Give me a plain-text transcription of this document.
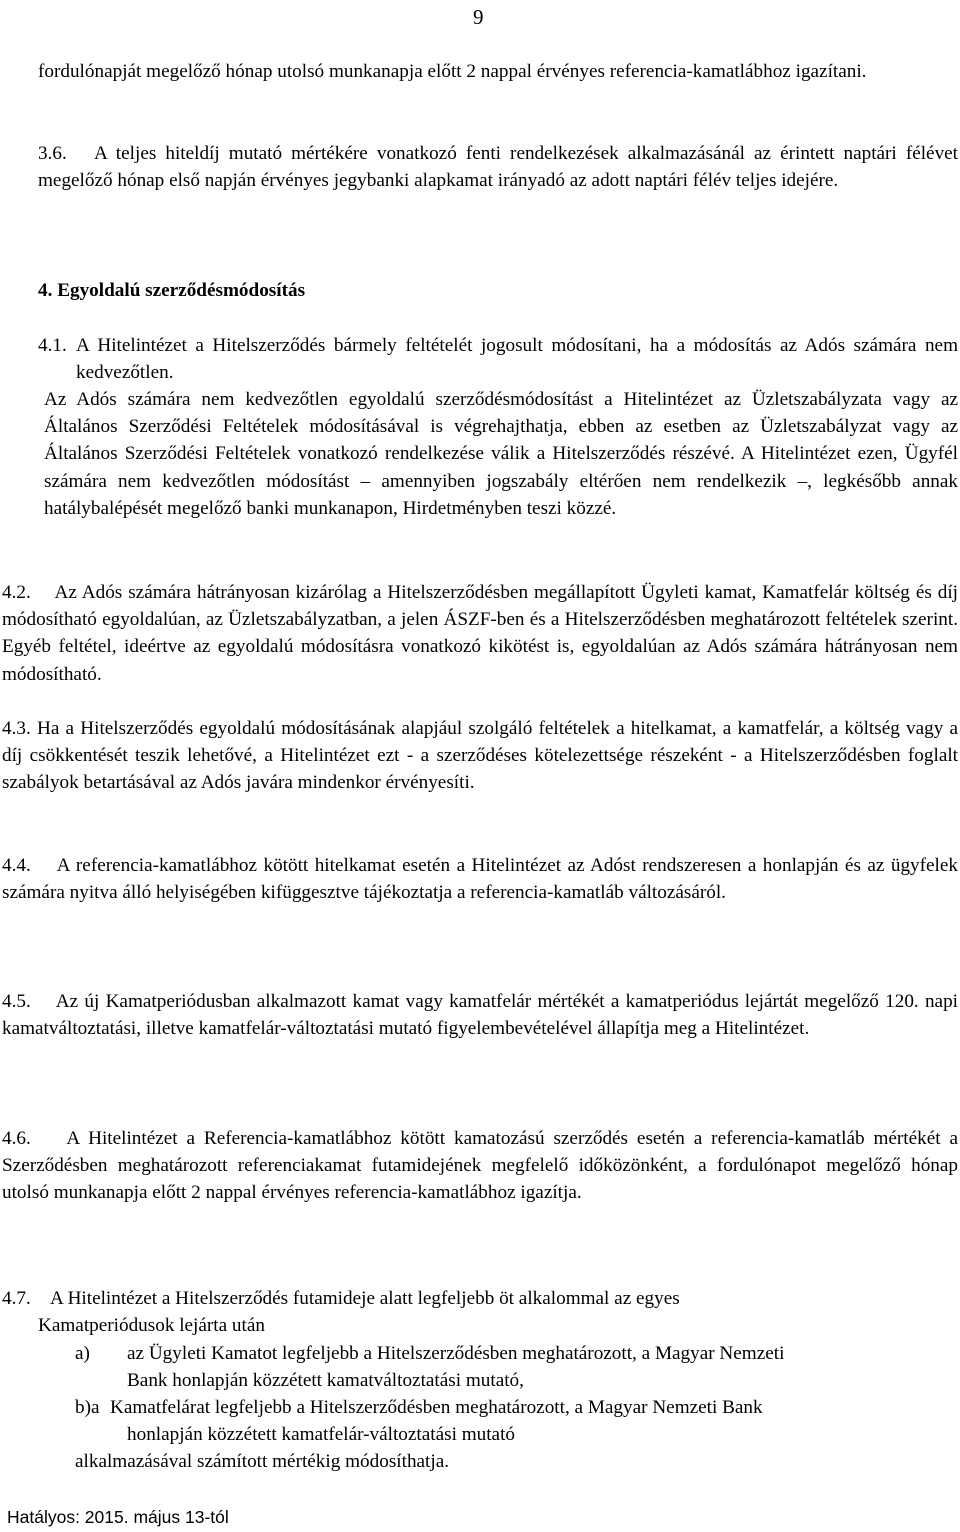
9
fordulónapját megelőző hónap utolsó munkanapja előtt 2 nappal érvényes referencia-kamatlábhoz igazítani.
3.6. A teljes hiteldíj mutató mértékére vonatkozó fenti rendelkezések alkalmazásánál az érintett naptári félévet megelőző hónap első napján érvényes jegybanki alapkamat irányadó az adott naptári félév teljes idejére.
4. Egyoldalú szerződésmódosítás
4.1. A Hitelintézet a Hitelszerződés bármely feltételét jogosult módosítani, ha a módosítás az Adós számára nem kedvezőtlen.
Az Adós számára nem kedvezőtlen egyoldalú szerződésmódosítást a Hitelintézet az Üzletszabályzata vagy az Általános Szerződési Feltételek módosításával is végrehajthatja, ebben az esetben az Üzletszabályzat vagy az Általános Szerződési Feltételek vonatkozó rendelkezése válik a Hitelszerződés részévé. A Hitelintézet ezen, Ügyfél számára nem kedvezőtlen módosítást – amennyiben jogszabály eltérően nem rendelkezik –, legkésőbb annak hatálybalépését megelőző banki munkanapon, Hirdetményben teszi közzé.
4.2. Az Adós számára hátrányosan kizárólag a Hitelszerződésben megállapított Ügyleti kamat, Kamatfelár költség és díj módosítható egyoldalúan, az Üzletszabályzatban, a jelen ÁSZF-ben és a Hitelszerződésben meghatározott feltételek szerint. Egyéb feltétel, ideértve az egyoldalú módosításra vonatkozó kikötést is, egyoldalúan az Adós számára hátrányosan nem módosítható.
4.3. Ha a Hitelszerződés egyoldalú módosításának alapjául szolgáló feltételek a hitelkamat, a kamatfelár, a költség vagy a díj csökkentését teszik lehetővé, a Hitelintézet ezt - a szerződéses kötelezettsége részeként - a Hitelszerződésben foglalt szabályok betartásával az Adós javára mindenkor érvényesíti.
4.4. A referencia-kamatlábhoz kötött hitelkamat esetén a Hitelintézet az Adóst rendszeresen a honlapján és az ügyfelek számára nyitva álló helyiségében kifüggesztve tájékoztatja a referencia-kamatláb változásáról.
4.5. Az új Kamatperiódusban alkalmazott kamat vagy kamatfelár mértékét a kamatperiódus lejártát megelőző 120. napi kamatváltoztatási, illetve kamatfelár-változtatási mutató figyelembevételével állapítja meg a Hitelintézet.
4.6. A Hitelintézet a Referencia-kamatlábhoz kötött kamatozású szerződés esetén a referencia-kamatláb mértékét a Szerződésben meghatározott referenciakamat futamidejének megfelelő időközönként, a fordulónapot megelőző hónap utolsó munkanapja előtt 2 nappal érvényes referencia-kamatlábhoz igazítja.
4.7. A Hitelintézet a Hitelszerződés futamideje alatt legfeljebb öt alkalommal az egyes
Kamatperiódusok lejárta után
a) az Ügyleti Kamatot legfeljebb a Hitelszerződésben meghatározott, a Magyar Nemzeti
Bank honlapján közzétett kamatváltoztatási mutató,
b)a Kamatfelárat legfeljebb a Hitelszerződésben meghatározott, a Magyar Nemzeti Bank
honlapján közzétett kamatfelár-változtatási mutató
alkalmazásával számított mértékig módosíthatja.
Hatályos: 2015. május 13-tól
